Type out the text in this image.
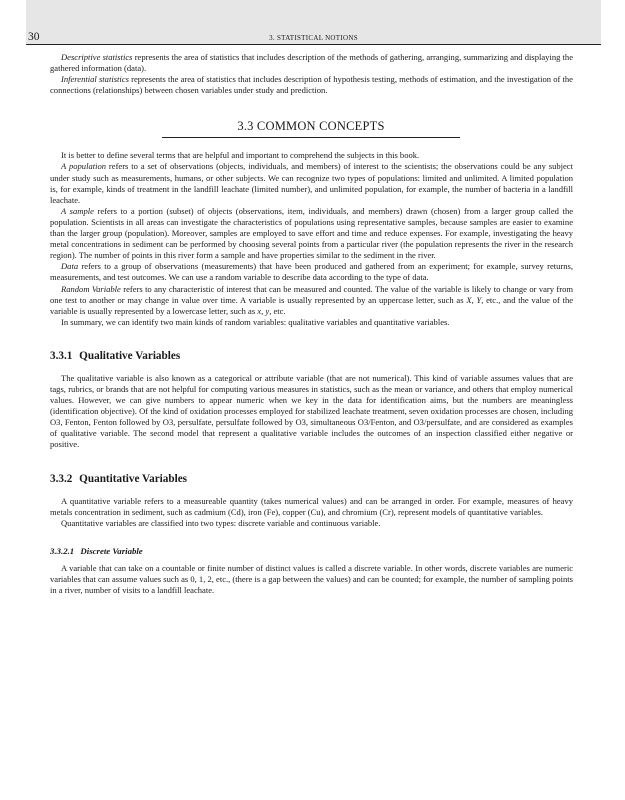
30	3. STATISTICAL NOTIONS

Descriptive statistics represents the area of statistics that includes description of the methods of gathering, arranging, summarizing and displaying the gathered information (data).

Inferential statistics represents the area of statistics that includes description of hypothesis testing, methods of estimation, and the investigation of the connections (relationships) between chosen variables under study and prediction.

3.3 COMMON CONCEPTS

It is better to define several terms that are helpful and important to comprehend the subjects in this book.

A population refers to a set of observations (objects, individuals, and members) of interest to the scientists; the observations could be any subject under study such as measurements, humans, or other subjects. We can recognize two types of populations: limited and unlimited. A limited population is, for example, kinds of treatment in the landfill leachate (limited number), and unlimited population, for example, the number of bacteria in a landfill leachate.

A sample refers to a portion (subset) of objects (observations, item, individuals, and members) drawn (chosen) from a larger group called the population. Scientists in all areas can investigate the characteristics of populations using representative samples, because samples are easier to examine than the larger group (population). Moreover, samples are employed to save effort and time and reduce expenses. For example, investigating the heavy metal concentrations in sediment can be performed by choosing several points from a particular river (the population represents the river in the research region). The number of points in this river form a sample and have properties similar to the sediment in the river.

Data refers to a group of observations (measurements) that have been produced and gathered from an experiment; for example, survey returns, measurements, and test outcomes. We can use a random variable to describe data according to the type of data.

Random Variable refers to any characteristic of interest that can be measured and counted. The value of the variable is likely to change or vary from one test to another or may change in value over time. A variable is usually represented by an uppercase letter, such as X, Y, etc., and the value of the variable is usually represented by a lowercase letter, such as x, y, etc.

In summary, we can identify two main kinds of random variables: qualitative variables and quantitative variables.

3.3.1 Qualitative Variables

The qualitative variable is also known as a categorical or attribute variable (that are not numerical). This kind of variable assumes values that are tags, rubrics, or brands that are not helpful for computing various measures in statistics, such as the mean or variance, and others that employ numerical values. However, we can give numbers to appear numeric when we key in the data for identification aims, but the numbers are meaningless (identification objective). Of the kind of oxidation processes employed for stabilized leachate treatment, seven oxidation processes are chosen, including O3, Fenton, Fenton followed by O3, persulfate, persulfate followed by O3, simultaneous O3/Fenton, and O3/persulfate, and are considered as examples of qualitative variable. The second model that represent a qualitative variable includes the outcomes of an inspection classified either negative or positive.

3.3.2 Quantitative Variables

A quantitative variable refers to a measureable quantity (takes numerical values) and can be arranged in order. For example, measures of heavy metals concentration in sediment, such as cadmium (Cd), iron (Fe), copper (Cu), and chromium (Cr), represent models of quantitative variables.

Quantitative variables are classified into two types: discrete variable and continuous variable.

3.3.2.1 Discrete Variable

A variable that can take on a countable or finite number of distinct values is called a discrete variable. In other words, discrete variables are numeric variables that can assume values such as 0, 1, 2, etc., (there is a gap between the values) and can be counted; for example, the number of sampling points in a river, number of visits to a landfill leachate.
